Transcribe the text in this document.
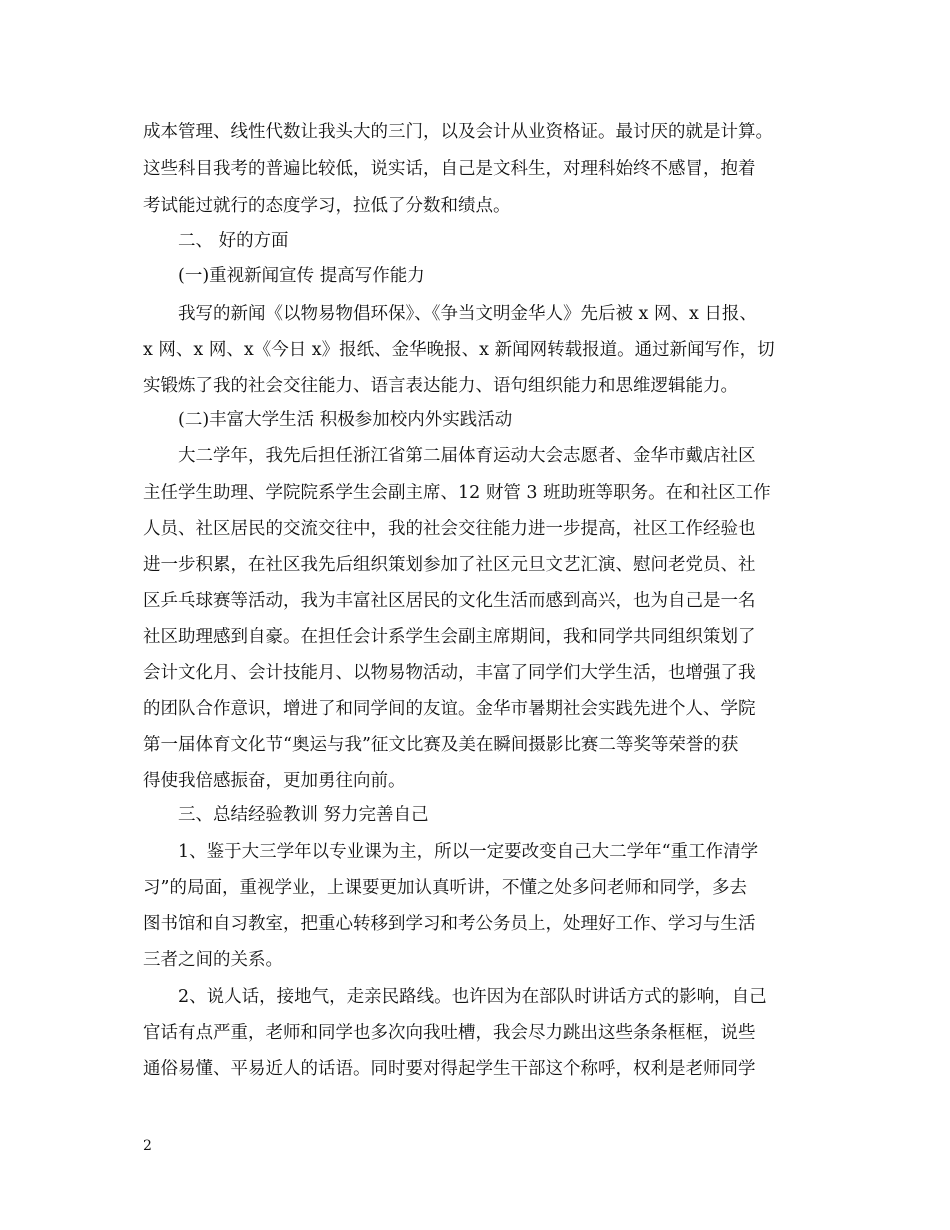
成本管理、线性代数让我头大的三门，以及会计从业资格证。最讨厌的就是计算。
这些科目我考的普遍比较低，说实话，自己是文科生，对理科始终不感冒，抱着
考试能过就行的态度学习，拉低了分数和绩点。
二、 好的方面
(一)重视新闻宣传 提高写作能力
我写的新闻《以物易物倡环保》、《争当文明金华人》先后被 x 网、x 日报、
x 网、x 网、x《今日 x》报纸、金华晚报、x 新闻网转载报道。通过新闻写作，切
实锻炼了我的社会交往能力、语言表达能力、语句组织能力和思维逻辑能力。
(二)丰富大学生活 积极参加校内外实践活动
大二学年，我先后担任浙江省第二届体育运动大会志愿者、金华市戴店社区
主任学生助理、学院院系学生会副主席、12 财管 3 班助班等职务。在和社区工作
人员、社区居民的交流交往中，我的社会交往能力进一步提高，社区工作经验也
进一步积累，在社区我先后组织策划参加了社区元旦文艺汇演、慰问老党员、社
区乒乓球赛等活动，我为丰富社区居民的文化生活而感到高兴，也为自己是一名
社区助理感到自豪。在担任会计系学生会副主席期间，我和同学共同组织策划了
会计文化月、会计技能月、以物易物活动，丰富了同学们大学生活，也增强了我
的团队合作意识，增进了和同学间的友谊。金华市暑期社会实践先进个人、学院
第一届体育文化节“奥运与我”征文比赛及美在瞬间摄影比赛二等奖等荣誉的获
得使我倍感振奋，更加勇往向前。
三、总结经验教训 努力完善自己
1、鉴于大三学年以专业课为主，所以一定要改变自己大二学年“重工作清学
习”的局面，重视学业，上课要更加认真听讲，不懂之处多问老师和同学，多去
图书馆和自习教室，把重心转移到学习和考公务员上，处理好工作、学习与生活
三者之间的关系。
2、说人话，接地气，走亲民路线。也许因为在部队时讲话方式的影响，自己
官话有点严重，老师和同学也多次向我吐槽，我会尽力跳出这些条条框框，说些
通俗易懂、平易近人的话语。同时要对得起学生干部这个称呼，权利是老师同学
2
